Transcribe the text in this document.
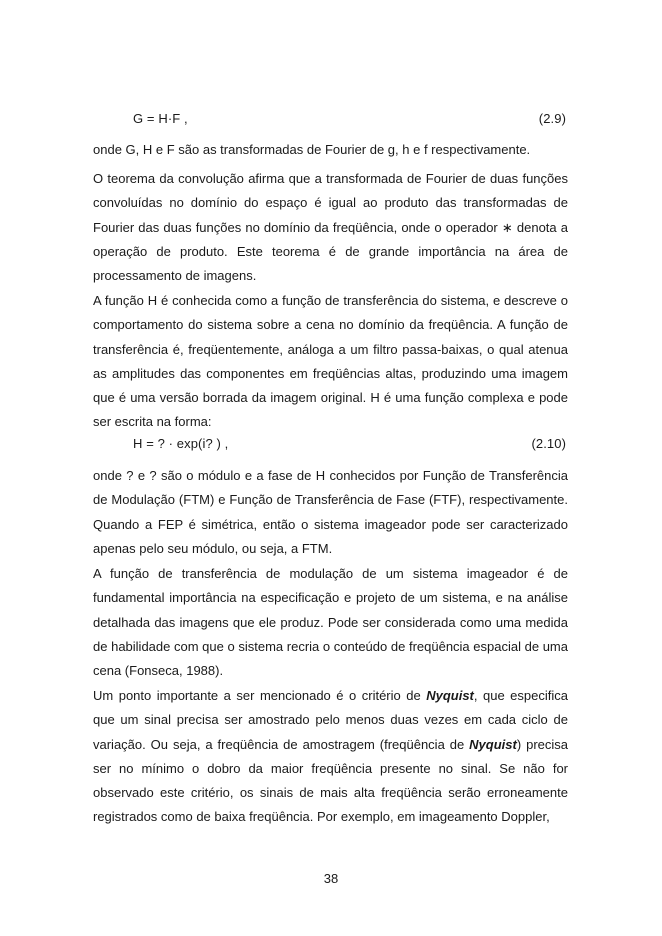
G = H·F ,	(2.9)

onde G, H e F são as transformadas de Fourier de g, h e f respectivamente.

O teorema da convolução afirma que a transformada de Fourier de duas funções convoluídas no domínio do espaço é igual ao produto das transformadas de Fourier das duas funções no domínio da freqüência, onde o operador ∗ denota a operação de produto. Este teorema é de grande importância na área de processamento de imagens.

A função H é conhecida como a função de transferência do sistema, e descreve o comportamento do sistema sobre a cena no domínio da freqüência. A função de transferência é, freqüentemente, análoga a um filtro passa-baixas, o qual atenua as amplitudes das componentes em freqüências altas, produzindo uma imagem que é uma versão borrada da imagem original. H é uma função complexa e pode ser escrita na forma:

H = ? · exp(i? ) ,	(2.10)

onde ? e ? são o módulo e a fase de H conhecidos por Função de Transferência de Modulação (FTM) e Função de Transferência de Fase (FTF), respectivamente. Quando a FEP é simétrica, então o sistema imageador pode ser caracterizado apenas pelo seu módulo, ou seja, a FTM.

A função de transferência de modulação de um sistema imageador é de fundamental importância na especificação e projeto de um sistema, e na análise detalhada das imagens que ele produz. Pode ser considerada como uma medida de habilidade com que o sistema recria o conteúdo de freqüência espacial de uma cena (Fonseca, 1988).

Um ponto importante a ser mencionado é o critério de Nyquist, que especifica que um sinal precisa ser amostrado pelo menos duas vezes em cada ciclo de variação. Ou seja, a freqüência de amostragem (freqüência de Nyquist) precisa ser no mínimo o dobro da maior freqüência presente no sinal. Se não for observado este critério, os sinais de mais alta freqüência serão erroneamente registrados como de baixa freqüência. Por exemplo, em imageamento Doppler,

38
